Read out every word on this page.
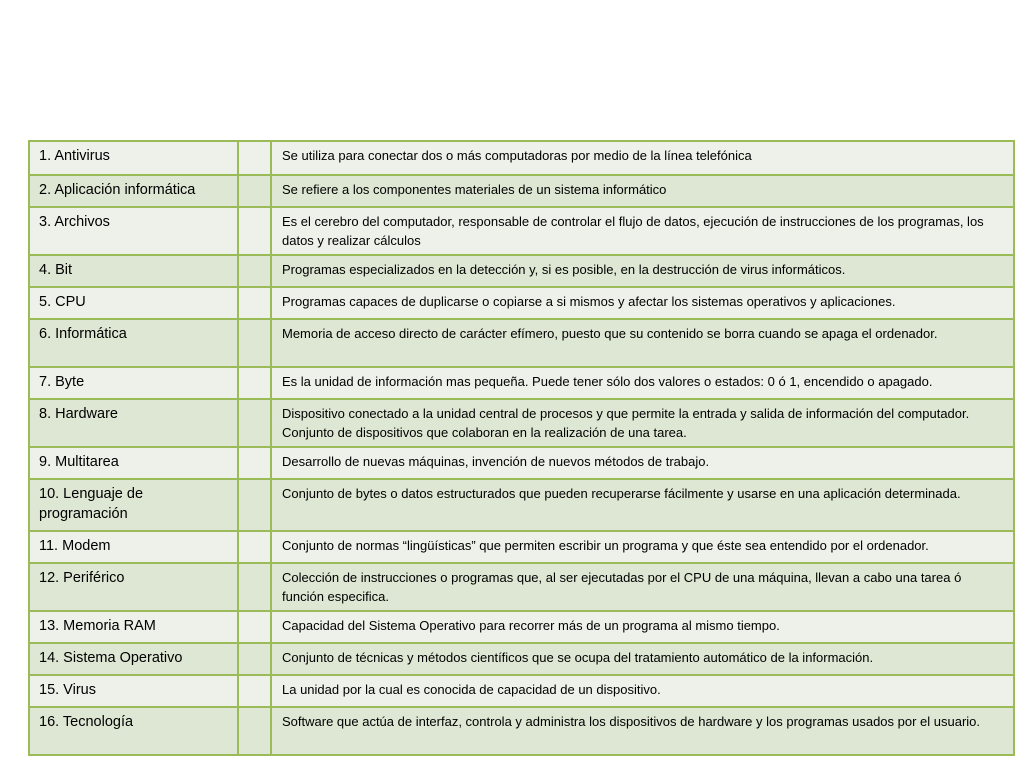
1. Antivirus		Se utiliza para conectar dos o más computadoras por medio de la línea telefónica
2. Aplicación informática		Se refiere a los componentes materiales de un sistema informático
3. Archivos		Es el cerebro del computador, responsable de controlar el flujo de datos, ejecución de instrucciones de los programas, los datos y realizar cálculos
4. Bit		Programas especializados en la detección y, si es posible, en la destrucción de virus informáticos.
5. CPU		Programas capaces de duplicarse o copiarse a si mismos y afectar los sistemas operativos y aplicaciones.
6. Informática		Memoria de acceso directo de carácter efímero, puesto que su contenido se borra cuando se apaga el ordenador.
7. Byte		Es la unidad de información mas pequeña. Puede tener sólo dos valores o estados: 0 ó 1, encendido o apagado.
8. Hardware		Dispositivo conectado a la unidad central de procesos y que permite la entrada y salida de información del computador. Conjunto de dispositivos que colaboran en la realización de una tarea.
9. Multitarea		Desarrollo de nuevas máquinas, invención de nuevos métodos de trabajo.
10. Lenguaje de programación		Conjunto de bytes o datos estructurados que pueden recuperarse fácilmente y usarse en una aplicación determinada.
11. Modem		Conjunto de normas “lingüísticas” que permiten escribir un programa y que éste sea entendido por el ordenador.
12. Periférico		Colección de instrucciones o programas que, al ser ejecutadas por el CPU de una máquina, llevan a cabo una tarea ó función especifica.
13. Memoria RAM		Capacidad del Sistema Operativo para recorrer más de un programa al mismo tiempo.
14. Sistema Operativo		Conjunto de técnicas y métodos científicos que se ocupa del tratamiento automático de la información.
15. Virus		La unidad por la cual es conocida de capacidad de un dispositivo.
16. Tecnología		Software que actúa de interfaz, controla y administra los dispositivos de hardware y los programas usados por el usuario.
